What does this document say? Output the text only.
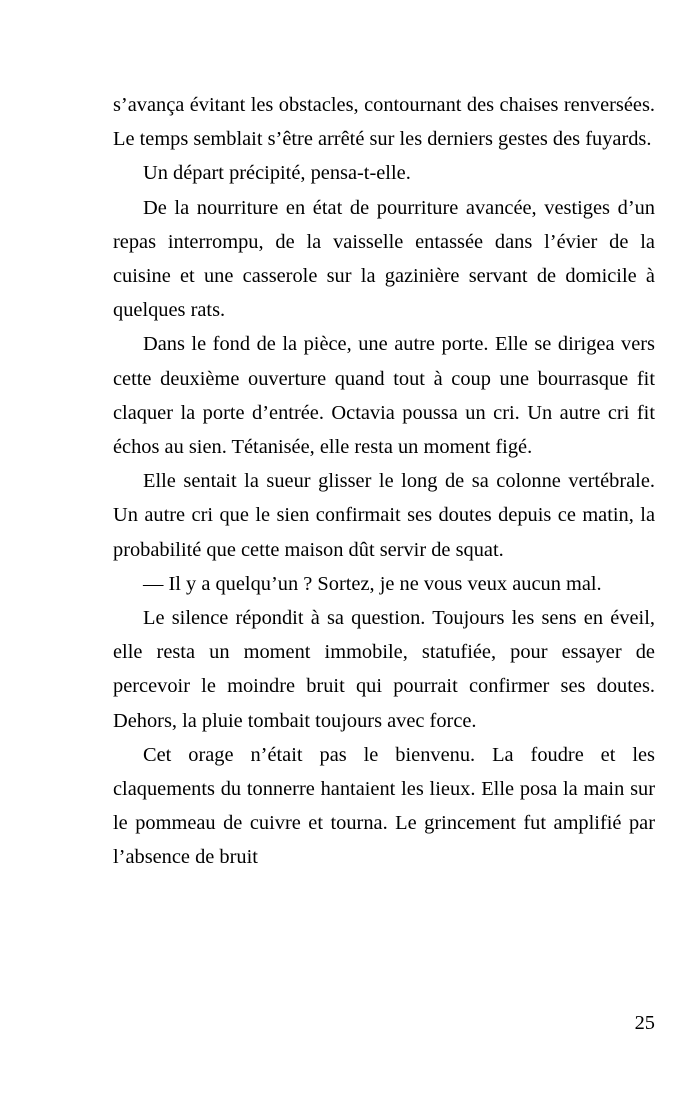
s’avança évitant les obstacles, contournant des chaises renversées. Le temps semblait s’être arrêté sur les derniers gestes des fuyards.

Un départ précipité, pensa-t-elle.

De la nourriture en état de pourriture avancée, vestiges d’un repas interrompu, de la vaisselle entassée dans l’évier de la cuisine et une casserole sur la gazinière servant de domicile à quelques rats.

Dans le fond de la pièce, une autre porte. Elle se dirigea vers cette deuxième ouverture quand tout à coup une bourrasque fit claquer la porte d’entrée. Octavia poussa un cri. Un autre cri fit échos au sien. Tétanisée, elle resta un moment figé.

Elle sentait la sueur glisser le long de sa colonne vertébrale. Un autre cri que le sien confirmait ses doutes depuis ce matin, la probabilité que cette maison dût servir de squat.

— Il y a quelqu’un ? Sortez, je ne vous veux aucun mal.

Le silence répondit à sa question. Toujours les sens en éveil, elle resta un moment immobile, statufiée, pour essayer de percevoir le moindre bruit qui pourrait confirmer ses doutes. Dehors, la pluie tombait toujours avec force.

Cet orage n’était pas le bienvenu. La foudre et les claquements du tonnerre hantaient les lieux. Elle posa la main sur le pommeau de cuivre et tourna. Le grincement fut amplifié par l’absence de bruit

25
